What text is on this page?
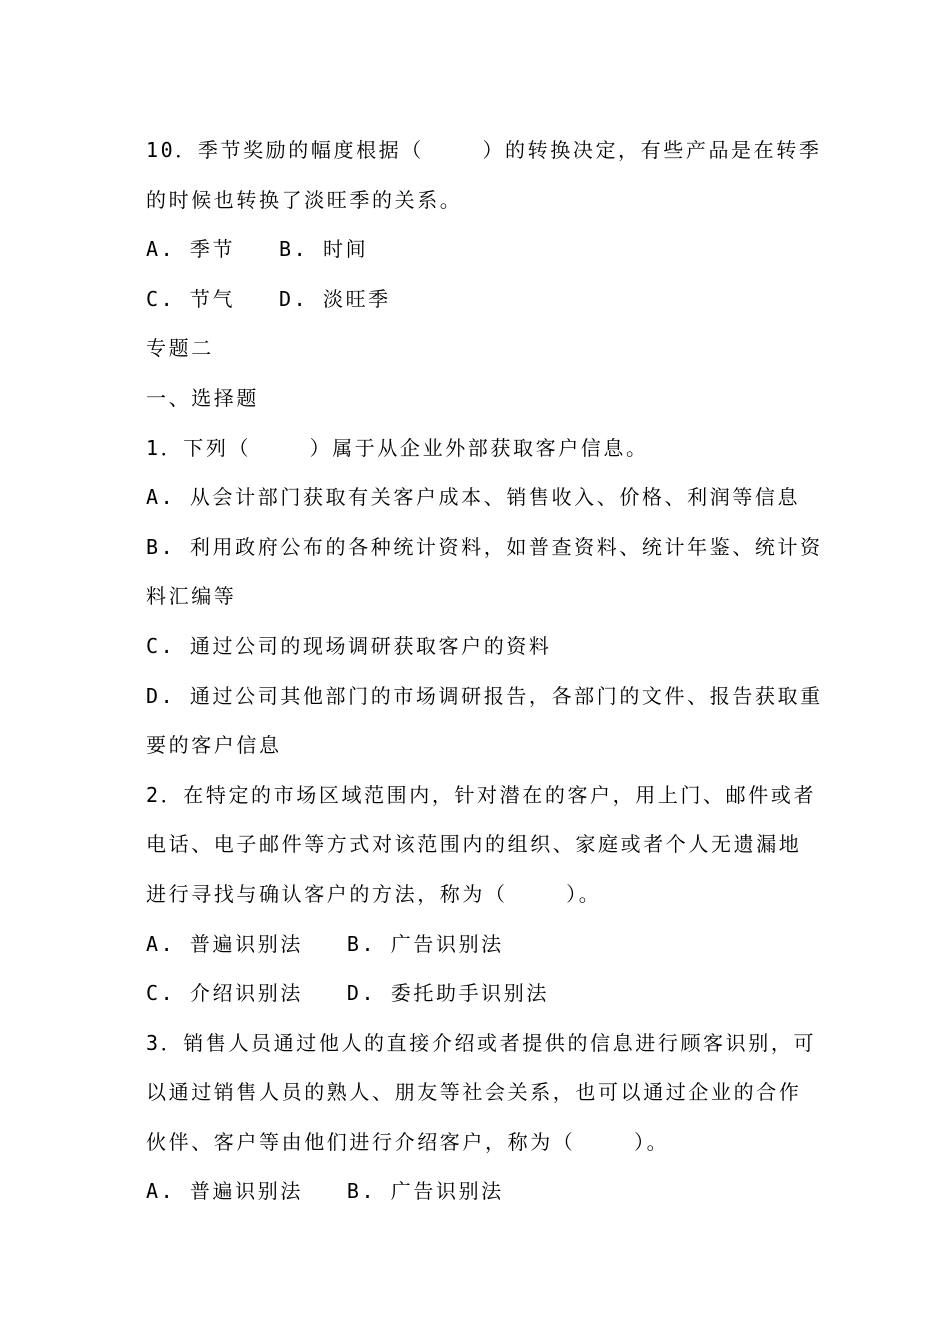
10．季节奖励的幅度根据（    ）的转换决定，有些产品是在转季
的时候也转换了淡旺季的关系。
A. 季节   B. 时间
C. 节气   D. 淡旺季
专题二
一、选择题
1．下列（    ）属于从企业外部获取客户信息。
A. 从会计部门获取有关客户成本、销售收入、价格、利润等信息
B. 利用政府公布的各种统计资料，如普查资料、统计年鉴、统计资
料汇编等
C. 通过公司的现场调研获取客户的资料
D. 通过公司其他部门的市场调研报告，各部门的文件、报告获取重
要的客户信息
2．在特定的市场区域范围内，针对潜在的客户，用上门、邮件或者
电话、电子邮件等方式对该范围内的组织、家庭或者个人无遗漏地
进行寻找与确认客户的方法，称为（    ）。
A. 普遍识别法   B. 广告识别法
C. 介绍识别法   D. 委托助手识别法
3．销售人员通过他人的直接介绍或者提供的信息进行顾客识别，可
以通过销售人员的熟人、朋友等社会关系，也可以通过企业的合作
伙伴、客户等由他们进行介绍客户，称为（    ）。
A. 普遍识别法   B. 广告识别法
